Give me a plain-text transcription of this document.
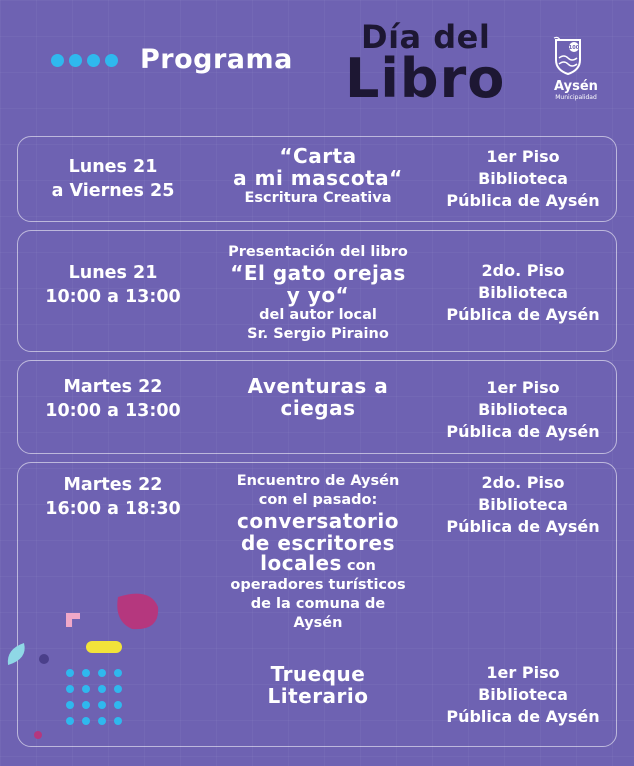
Programa
Día del
Libro	100
Aysén
Municipalidad
Lunes 21
a Viernes 25
“Carta
a mi mascota“
Escritura Creativa
1er Piso
Biblioteca
Pública de Aysén
Lunes 21
10:00 a 13:00
Presentación del libro
“El gato orejas
y yo“
del autor local
Sr. Sergio Piraino
2do. Piso
Biblioteca
Pública de Aysén
Martes 22
10:00 a 13:00
Aventuras a
ciegas
1er Piso
Biblioteca
Pública de Aysén
Martes 22
16:00 a 18:30
Encuentro de Aysén
con el pasado:
conversatorio
de escritores
locales con
operadores turísticos
de la comuna de
Aysén
2do. Piso
Biblioteca
Pública de Aysén
Trueque
Literario
1er Piso
Biblioteca
Pública de Aysén
